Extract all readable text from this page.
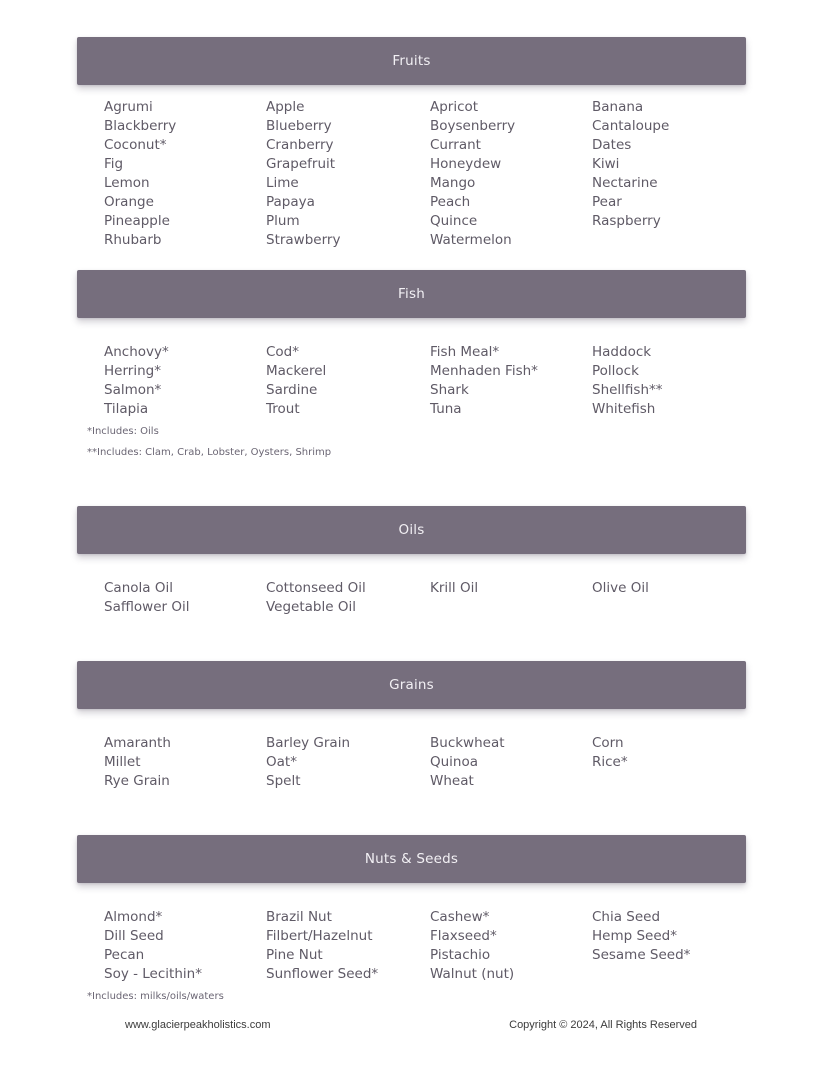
Fruits
Agrumi
Blackberry
Coconut*
Fig
Lemon
Orange
Pineapple
Rhubarb
Apple
Blueberry
Cranberry
Grapefruit
Lime
Papaya
Plum
Strawberry
Apricot
Boysenberry
Currant
Honeydew
Mango
Peach
Quince
Watermelon
Banana
Cantaloupe
Dates
Kiwi
Nectarine
Pear
Raspberry
Fish
Anchovy*
Herring*
Salmon*
Tilapia
Cod*
Mackerel
Sardine
Trout
Fish Meal*
Menhaden Fish*
Shark
Tuna
Haddock
Pollock
Shellfish**
Whitefish
*Includes: Oils
**Includes: Clam, Crab, Lobster, Oysters, Shrimp
Oils
Canola Oil
Safflower Oil
Cottonseed Oil
Vegetable Oil
Krill Oil	Olive Oil
Grains
Amaranth
Millet
Rye Grain
Barley Grain
Oat*
Spelt
Buckwheat
Quinoa
Wheat
Corn
Rice*
Nuts & Seeds
Almond*
Dill Seed
Pecan
Soy - Lecithin*
Brazil Nut
Filbert/Hazelnut
Pine Nut
Sunflower Seed*
Cashew*
Flaxseed*
Pistachio
Walnut (nut)
Chia Seed
Hemp Seed*
Sesame Seed*
*Includes: milks/oils/waters
www.glacierpeakholistics.com	Copyright © 2024, All Rights Reserved
